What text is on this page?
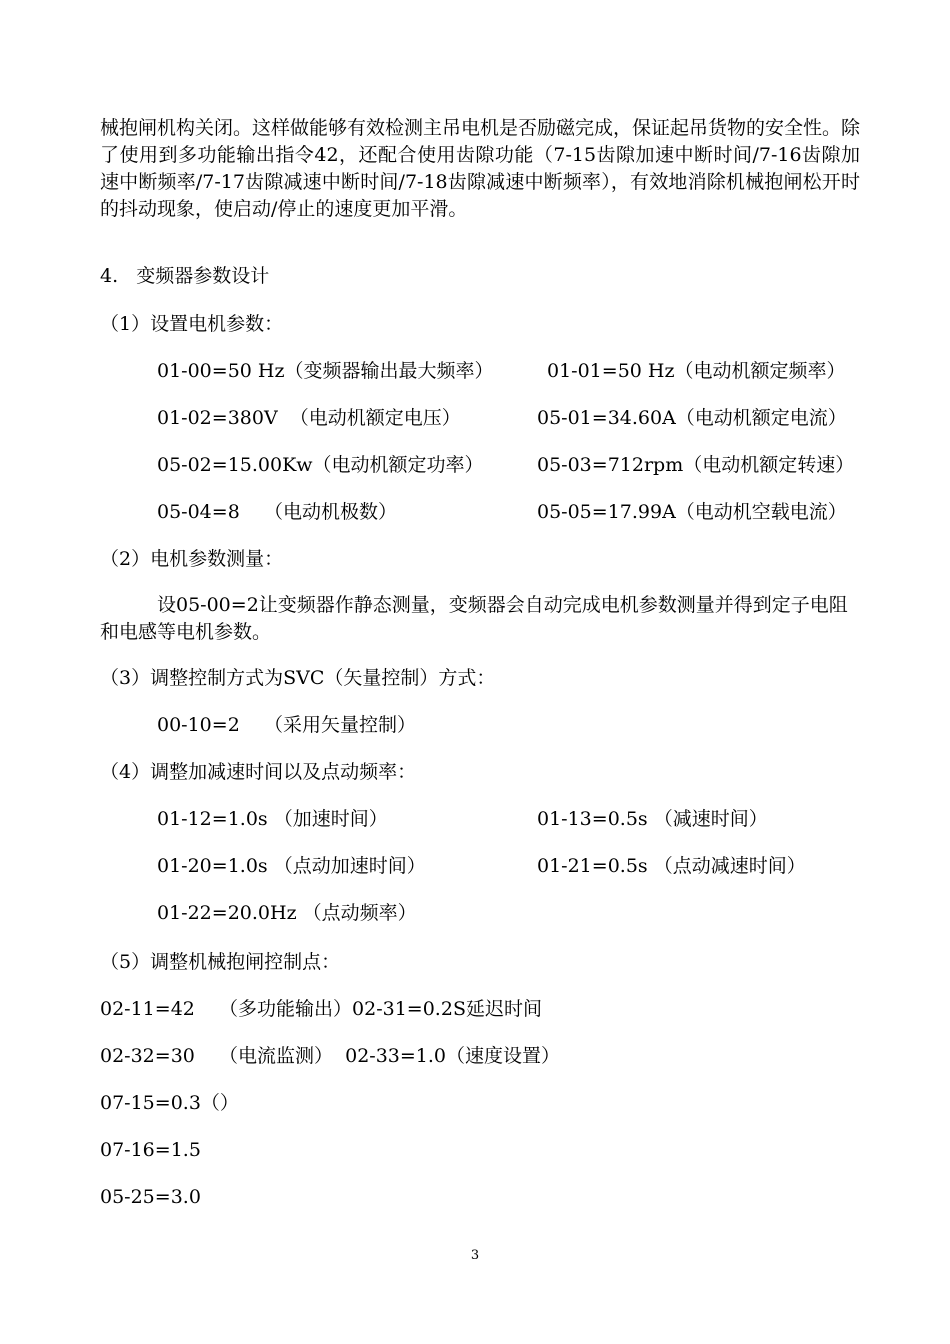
械抱闸机构关闭。这样做能够有效检测主吊电机是否励磁完成，保证起吊货物的安全性。除了使用到多功能输出指令42，还配合使用齿隙功能（7-15齿隙加速中断时间/7-16齿隙加速中断频率/7-17齿隙减速中断时间/7-18齿隙减速中断频率），有效地消除机械抱闸松开时的抖动现象，使启动/停止的速度更加平滑。

4.   变频器参数设计
（1）设置电机参数：
01-00=50 Hz（变频器输出最大频率）	01-01=50 Hz（电动机额定频率）
01-02=380V  （电动机额定电压）	05-01=34.60A（电动机额定电流）
05-02=15.00Kw（电动机额定功率）	05-03=712rpm（电动机额定转速）
05-04=8    （电动机极数）	05-05=17.99A（电动机空载电流）
（2）电机参数测量：

设05-00=2让变频器作静态测量，变频器会自动完成电机参数测量并得到定子电阻和电感等电机参数。

（3）调整控制方式为SVC（矢量控制）方式：
00-10=2    （采用矢量控制）
（4）调整加减速时间以及点动频率：
01-12=1.0s （加速时间）	01-13=0.5s （减速时间）
01-20=1.0s （点动加速时间）	01-21=0.5s （点动减速时间）
01-22=20.0Hz （点动频率）
（5）调整机械抱闸控制点：
02-11=42    （多功能输出）02-31=0.2S延迟时间
02-32=30    （电流监测）  02-33=1.0（速度设置）
07-15=0.3（）
07-16=1.5
05-25=3.0
3
